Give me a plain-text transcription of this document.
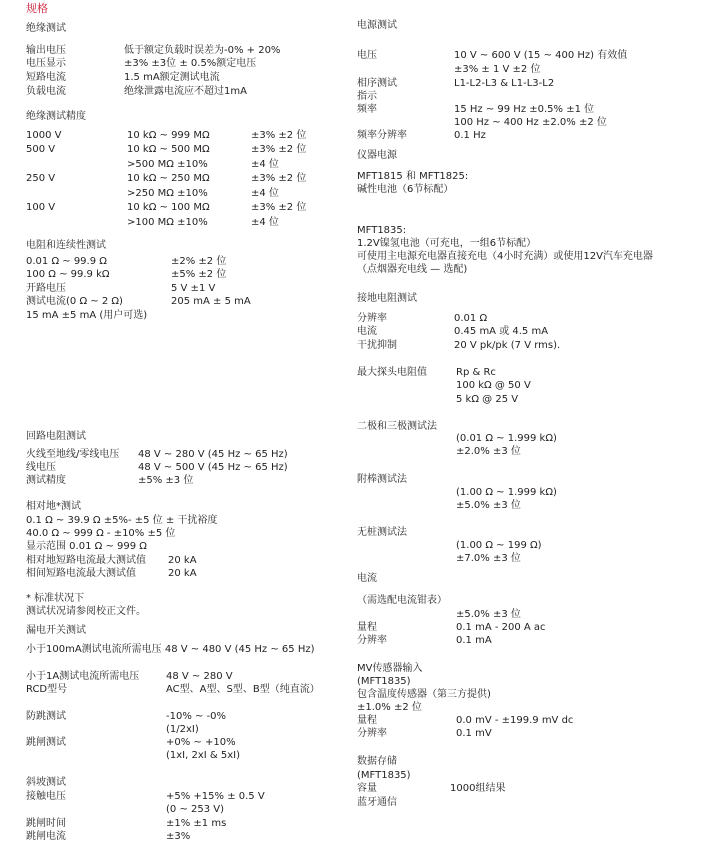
规格
绝缘测试
输出电压	低于额定负载时误差为-0% + 20%
电压显示	±3% ±3位 ± 0.5%额定电压
短路电流	1.5 mA额定测试电流
负载电流	绝缘泄露电流应不超过1mA
绝缘测试精度
1000 V	10 kΩ ~ 999 MΩ	±3% ±2 位
500 V	10 kΩ ~ 500 MΩ	±3% ±2 位
>500 MΩ ±10%	±4 位
250 V	10 kΩ ~ 250 MΩ	±3% ±2 位
>250 MΩ ±10%	±4 位
100 V	10 kΩ ~ 100 MΩ	±3% ±2 位
>100 MΩ ±10%	±4 位
电阻和连续性测试
0.01 Ω ~ 99.9 Ω	±2% ±2 位
100 Ω ~ 99.9 kΩ	±5% ±2 位
开路电压	5 V ±1 V
测试电流(0 Ω ~ 2 Ω)	205 mA ± 5 mA
15 mA ±5 mA (用户可选)
回路电阻测试
火线至地线/零线电压 48 V ~ 280 V (45 Hz ~ 65 Hz)
线电压	48 V ~ 500 V (45 Hz ~ 65 Hz)
测试精度	±5% ±3 位
相对地*测试
0.1 Ω ~ 39.9 Ω ±5%- ±5 位 ± 干扰裕度
40.0 Ω ~ 999 Ω - ±10% ±5 位
显示范围 0.01 Ω ~ 999 Ω
相对地短路电流最大测试值 20 kA
相间短路电流最大测试值	20 kA
* 标准状况下
测试状况请参阅校正文件。
漏电开关测试
小于100mA测试电流所需电压 48 V ~ 480 V (45 Hz ~ 65 Hz)
小于1A测试电流所需电压	48 V ~ 280 V
RCD型号	AC型、A型、S型、B型（纯直流）
防跳测试	-10% ~ -0%
(1/2xI)
跳闸测试	+0% ~ +10%
(1xI, 2xI & 5xI)
斜坡测试
接触电压	+5% +15% ± 0.5 V
(0 ~ 253 V)
跳闸时间	±1% ±1 ms
跳闸电流	±3%
电源测试
电压	10 V ~ 600 V (15 ~ 400 Hz) 有效值
±3% ± 1 V ±2 位
相序测试	L1-L2-L3 & L1-L3-L2
指示
频率	15 Hz ~ 99 Hz ±0.5% ±1 位
100 Hz ~ 400 Hz ±2.0% ±2 位
频率分辨率	0.1 Hz
仪器电源
MFT1815 和 MFT1825:
碱性电池（6节标配）
MFT1835:
1.2V镍氢电池（可充电，一组6节标配）
可使用主电源充电器直接充电（4小时充满）或使用12V汽车充电器
（点烟器充电线 — 选配)
接地电阻测试
分辨率	0.01 Ω
电流	0.45 mA 或 4.5 mA
干扰抑制	20 V pk/pk (7 V rms).
最大探头电阻值	Rp & Rc
100 kΩ @ 50 V
5 kΩ @ 25 V
二极和三极测试法
(0.01 Ω ~ 1.999 kΩ)
±2.0% ±3 位
附棒测试法
(1.00 Ω ~ 1.999 kΩ)
±5.0% ±3 位
无桩测试法
(1.00 Ω ~ 199 Ω)
±7.0% ±3 位
电流
（需选配电流钳表）
±5.0% ±3 位
量程	0.1 mA - 200 A ac
分辨率	0.1 mA
MV传感器输入
(MFT1835)
包含温度传感器（第三方提供)
±1.0% ±2 位
量程	0.0 mV - ±199.9 mV dc
分辨率	0.1 mV
数据存储
(MFT1835)
容量	1000组结果
蓝牙通信
